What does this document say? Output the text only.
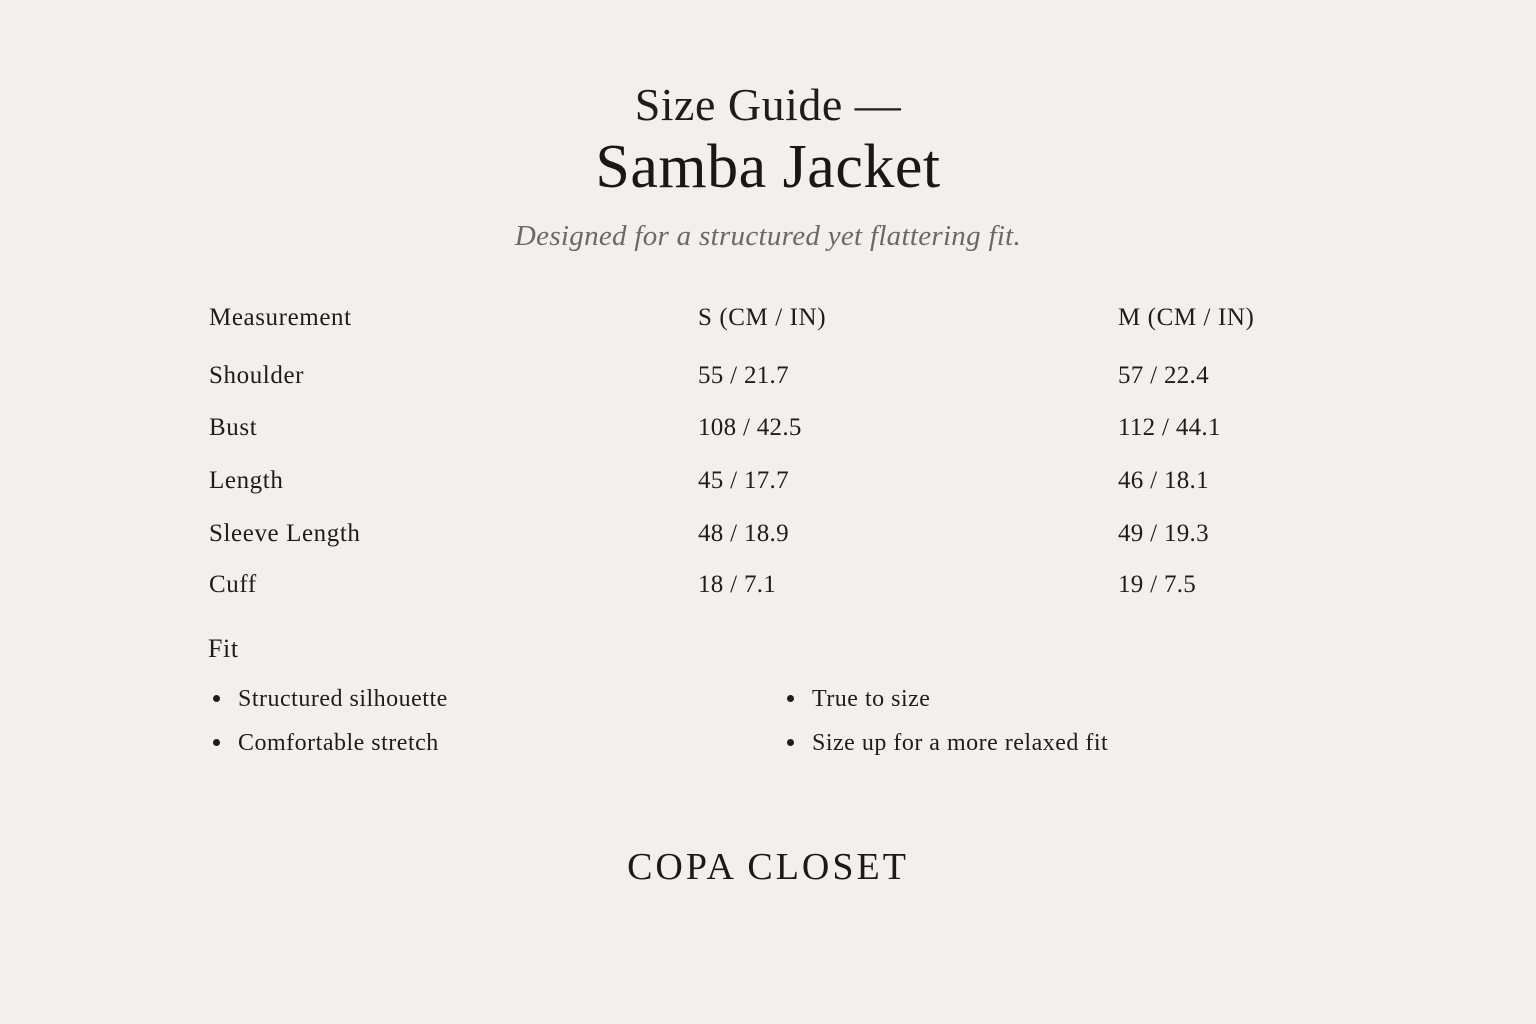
Size Guide —
Samba Jacket
Designed for a structured yet flattering fit.
Measurement	S (CM / IN)	M (CM / IN)
Shoulder	55 / 21.7	57 / 22.4
Bust	108 / 42.5	112 / 44.1
Length	45 / 17.7	46 / 18.1
Sleeve Length	48 / 18.9	49 / 19.3
Cuff	18 / 7.1	19 / 7.5
Fit
Structured silhouette
Comfortable stretch
True to size
Size up for a more relaxed fit
COPA CLOSET
